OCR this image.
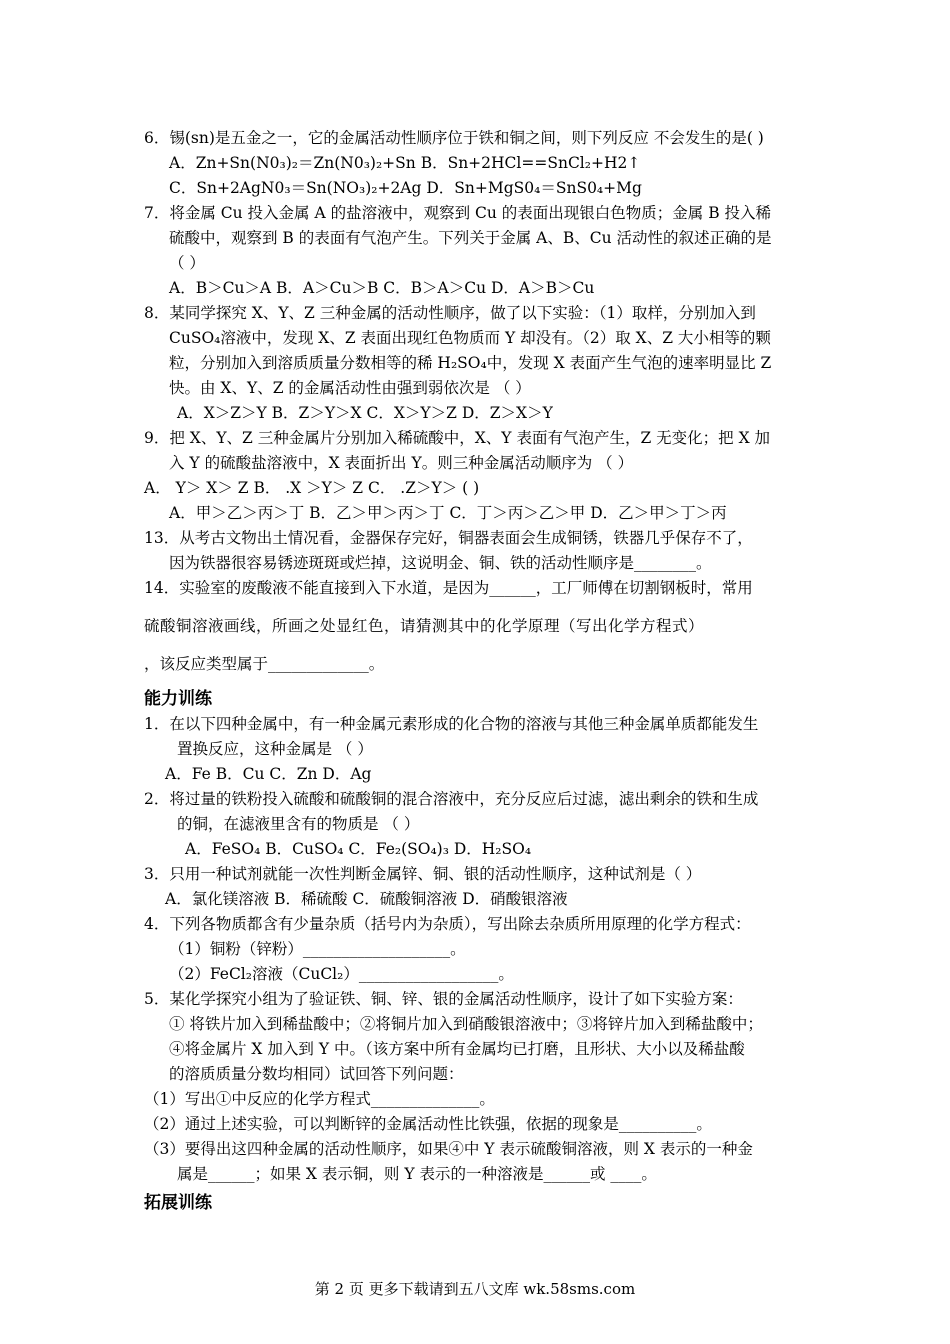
6．锡(sn)是五金之一，它的金属活动性顺序位于铁和铜之间，则下列反应 不会发生的是( )
A．Zn+Sn(N0₃)₂＝Zn(N0₃)₂+Sn B．Sn+2HCl==SnCl₂+H2↑
C．Sn+2AgN0₃＝Sn(NO₃)₂+2Ag D．Sn+MgS0₄＝SnS0₄+Mg
7．将金属 Cu 投入金属 A 的盐溶液中，观察到 Cu 的表面出现银白色物质；金属 B 投入稀
硫酸中，观察到 B 的表面有气泡产生。下列关于金属 A、B、Cu 活动性的叙述正确的是
（ ）
A．B＞Cu＞A B．A＞Cu＞B C．B＞A＞Cu D．A＞B＞Cu
8．某同学探究 X、Y、Z 三种金属的活动性顺序，做了以下实验：（1）取样，分别加入到
CuSO₄溶液中，发现 X、Z 表面出现红色物质而 Y 却没有。（2）取 X、Z 大小相等的颗
粒，分别加入到溶质质量分数相等的稀 H₂SO₄中，发现 X 表面产生气泡的速率明显比 Z
快。由 X、Y、Z 的金属活动性由强到弱依次是 （ ）
A．X＞Z＞Y B．Z＞Y＞X C．X＞Y＞Z D．Z＞X＞Y
9．把 X、Y、Z 三种金属片分别加入稀硫酸中，X、Y 表面有气泡产生，Z 无变化；把 X 加
入 Y 的硫酸盐溶液中，X 表面折出 Y。则三种金属活动顺序为 （ ）
A． Y＞ X＞ Z B． .X ＞Y＞ Z C． .Z＞Y＞ ( )
A．甲＞乙＞丙＞丁 B．乙＞甲＞丙＞丁 C．丁＞丙＞乙＞甲 D．乙＞甲＞丁＞丙
13．从考古文物出土情况看，金器保存完好，铜器表面会生成铜锈，铁器几乎保存不了，
因为铁器很容易锈迹斑斑或烂掉，这说明金、铜、铁的活动性顺序是________。
14．实验室的废酸液不能直接到入下水道，是因为______，工厂师傅在切割钢板时，常用
硫酸铜溶液画线，所画之处显红色，请猜测其中的化学原理（写出化学方程式）
，该反应类型属于_____________。
能力训练
1．在以下四种金属中，有一种金属元素形成的化合物的溶液与其他三种金属单质都能发生
置换反应，这种金属是 （ ）
A．Fe B．Cu C．Zn D．Ag
2．将过量的铁粉投入硫酸和硫酸铜的混合溶液中，充分反应后过滤，滤出剩余的铁和生成
的铜，在滤液里含有的物质是 （ ）
A．FeSO₄ B．CuSO₄ C．Fe₂(SO₄)₃ D．H₂SO₄
3．只用一种试剂就能一次性判断金属锌、铜、银的活动性顺序，这种试剂是（ ）
A．氯化镁溶液 B．稀硫酸 C．硫酸铜溶液 D．硝酸银溶液
4．下列各物质都含有少量杂质（括号内为杂质），写出除去杂质所用原理的化学方程式：
（1）铜粉（锌粉）___________________。
（2）FeCl₂溶液（CuCl₂）__________________。
5．某化学探究小组为了验证铁、铜、锌、银的金属活动性顺序，设计了如下实验方案：
① 将铁片加入到稀盐酸中；②将铜片加入到硝酸银溶液中；③将锌片加入到稀盐酸中；
④将金属片 X 加入到 Y 中。（该方案中所有金属均已打磨，且形状、大小以及稀盐酸
的溶质质量分数均相同）试回答下列问题：
（1）写出①中反应的化学方程式______________。
（2）通过上述实验，可以判断锌的金属活动性比铁强，依据的现象是__________。
（3）要得出这四种金属的活动性顺序，如果④中 Y 表示硫酸铜溶液，则 X 表示的一种金
属是______；如果 X 表示铜，则 Y 表示的一种溶液是______或 ____。
拓展训练
第 2 页 更多下载请到五八文库 wk.58sms.com
